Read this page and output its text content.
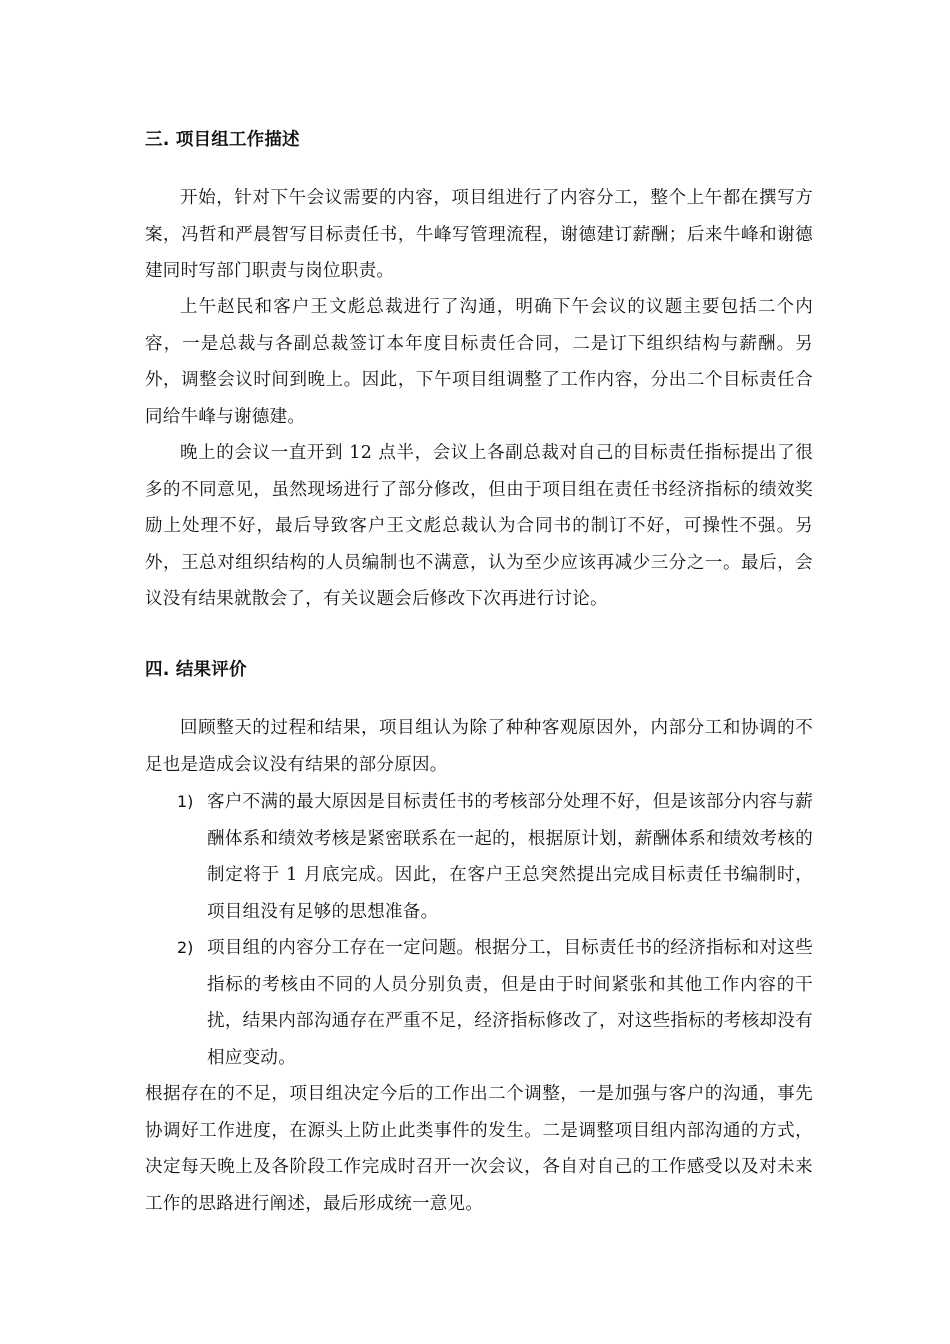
三. 项目组工作描述
开始，针对下午会议需要的内容，项目组进行了内容分工，整个上午都在撰写方案，冯哲和严晨智写目标责任书，牛峰写管理流程，谢德建订薪酬；后来牛峰和谢德建同时写部门职责与岗位职责。
上午赵民和客户王文彪总裁进行了沟通，明确下午会议的议题主要包括二个内容，一是总裁与各副总裁签订本年度目标责任合同，二是订下组织结构与薪酬。另外，调整会议时间到晚上。因此，下午项目组调整了工作内容，分出二个目标责任合同给牛峰与谢德建。
晚上的会议一直开到 12 点半，会议上各副总裁对自己的目标责任指标提出了很多的不同意见，虽然现场进行了部分修改，但由于项目组在责任书经济指标的绩效奖励上处理不好，最后导致客户王文彪总裁认为合同书的制订不好，可操性不强。另外，王总对组织结构的人员编制也不满意，认为至少应该再减少三分之一。最后，会议没有结果就散会了，有关议题会后修改下次再进行讨论。
四. 结果评价
回顾整天的过程和结果，项目组认为除了种种客观原因外，内部分工和协调的不足也是造成会议没有结果的部分原因。
1) 客户不满的最大原因是目标责任书的考核部分处理不好，但是该部分内容与薪酬体系和绩效考核是紧密联系在一起的，根据原计划，薪酬体系和绩效考核的制定将于 1 月底完成。因此，在客户王总突然提出完成目标责任书编制时，项目组没有足够的思想准备。
2) 项目组的内容分工存在一定问题。根据分工，目标责任书的经济指标和对这些指标的考核由不同的人员分别负责，但是由于时间紧张和其他工作内容的干扰，结果内部沟通存在严重不足，经济指标修改了，对这些指标的考核却没有相应变动。
根据存在的不足，项目组决定今后的工作出二个调整，一是加强与客户的沟通，事先协调好工作进度，在源头上防止此类事件的发生。二是调整项目组内部沟通的方式，决定每天晚上及各阶段工作完成时召开一次会议，各自对自己的工作感受以及对未来工作的思路进行阐述，最后形成统一意见。
